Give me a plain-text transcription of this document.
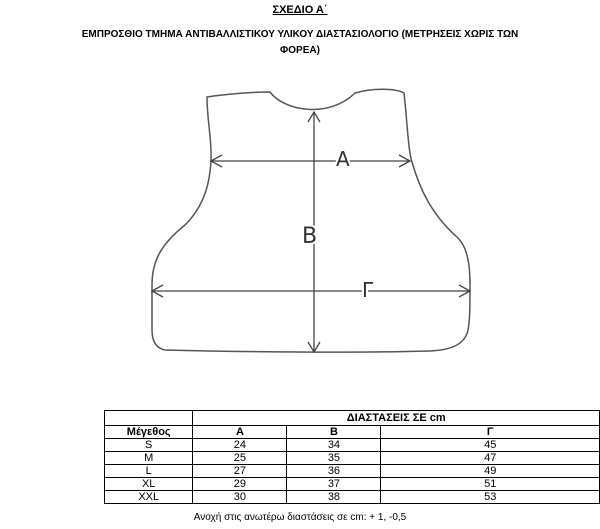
ΣΧΕΔΙΟ Α΄
ΕΜΠΡΟΣΘΙΟ ΤΜΗΜΑ ΑΝΤΙΒΑΛΛΙΣΤΙΚΟΥ ΥΛΙΚΟΥ ΔΙΑΣΤΑΣΙΟΛΟΓΙΟ (ΜΕΤΡΗΣΕΙΣ ΧΩΡΙΣ ΤΩΝ ΦΟΡΕΑ)
Α
Β
Γ
	ΔΙΑΣΤΑΣΕΙΣ ΣΕ cm		
Μέγεθος	Α	Β	Γ
S	24	34	45
M	25	35	47
L	27	36	49
XL	29	37	51
XXL	30	38	53
Ανοχή στις ανωτέρω διαστάσεις σε cm: + 1, -0,5
